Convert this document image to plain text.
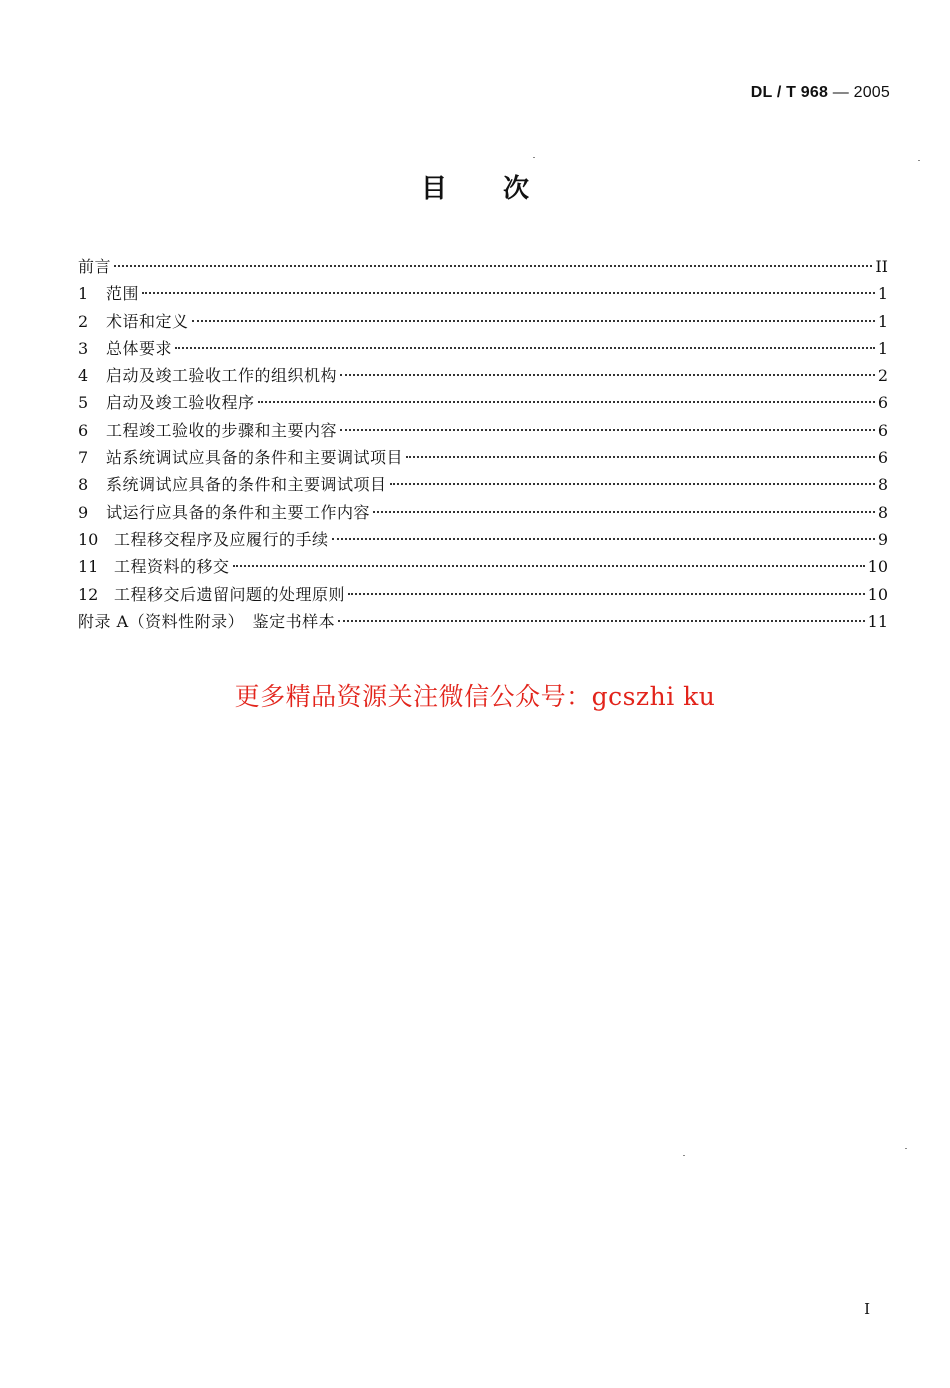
DL / T 968 — 2005
目次
前言	II
1	范围	1
2	术语和定义	1
3	总体要求	1
4	启动及竣工验收工作的组织机构	2
5	启动及竣工验收程序	6
6	工程竣工验收的步骤和主要内容	6
7	站系统调试应具备的条件和主要调试项目	6
8	系统调试应具备的条件和主要调试项目	8
9	试运行应具备的条件和主要工作内容	8
10 工程移交程序及应履行的手续	9
11 工程资料的移交	10
12 工程移交后遗留问题的处理原则	10
附录 A（资料性附录）　鉴定书样本	11
更多精品资源关注微信公众号：gcszhi ku
I
